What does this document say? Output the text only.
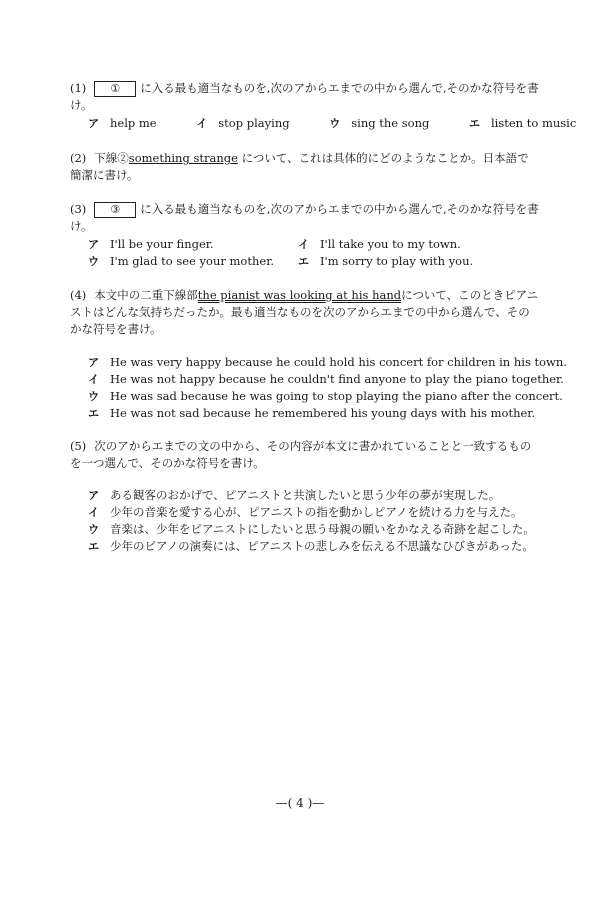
(1) ① に入る最も適当なものを,次のアからエまでの中から選んで,そのかな符号を書け。
ア help me	イ stop playing	ウ sing the song	エ listen to music
(2) 下線②something strange について、これは具体的にどのようなことか。日本語で簡潔に書け。
(3) ③ に入る最も適当なものを,次のアからエまでの中から選んで,そのかな符号を書け。
ア I'll be your finger.	イ I'll take you to my town.
ウ I'm glad to see your mother. エ I'm sorry to play with you.
(4) 本文中の二重下線部the pianist was looking at his handについて、このときピアニストはどんな気持ちだったか。最も適当なものを次のアからエまでの中から選んで、そのかな符号を書け。
ア He was very happy because he could hold his concert for children in his town.
イ He was not happy because he couldn't find anyone to play the piano together.
ウ He was sad because he was going to stop playing the piano after the concert.
エ He was not sad because he remembered his young days with his mother.
(5) 次のアからエまでの文の中から、その内容が本文に書かれていることと一致するものを一つ選んで、そのかな符号を書け。
ア ある観客のおかげで、ピアニストと共演したいと思う少年の夢が実現した。
イ 少年の音楽を愛する心が、ピアニストの指を動かしピアノを続ける力を与えた。
ウ 音楽は、少年をピアニストにしたいと思う母親の願いをかなえる奇跡を起こした。
エ 少年のピアノの演奏には、ピアニストの悲しみを伝える不思議なひびきがあった。
—( 4 )—
